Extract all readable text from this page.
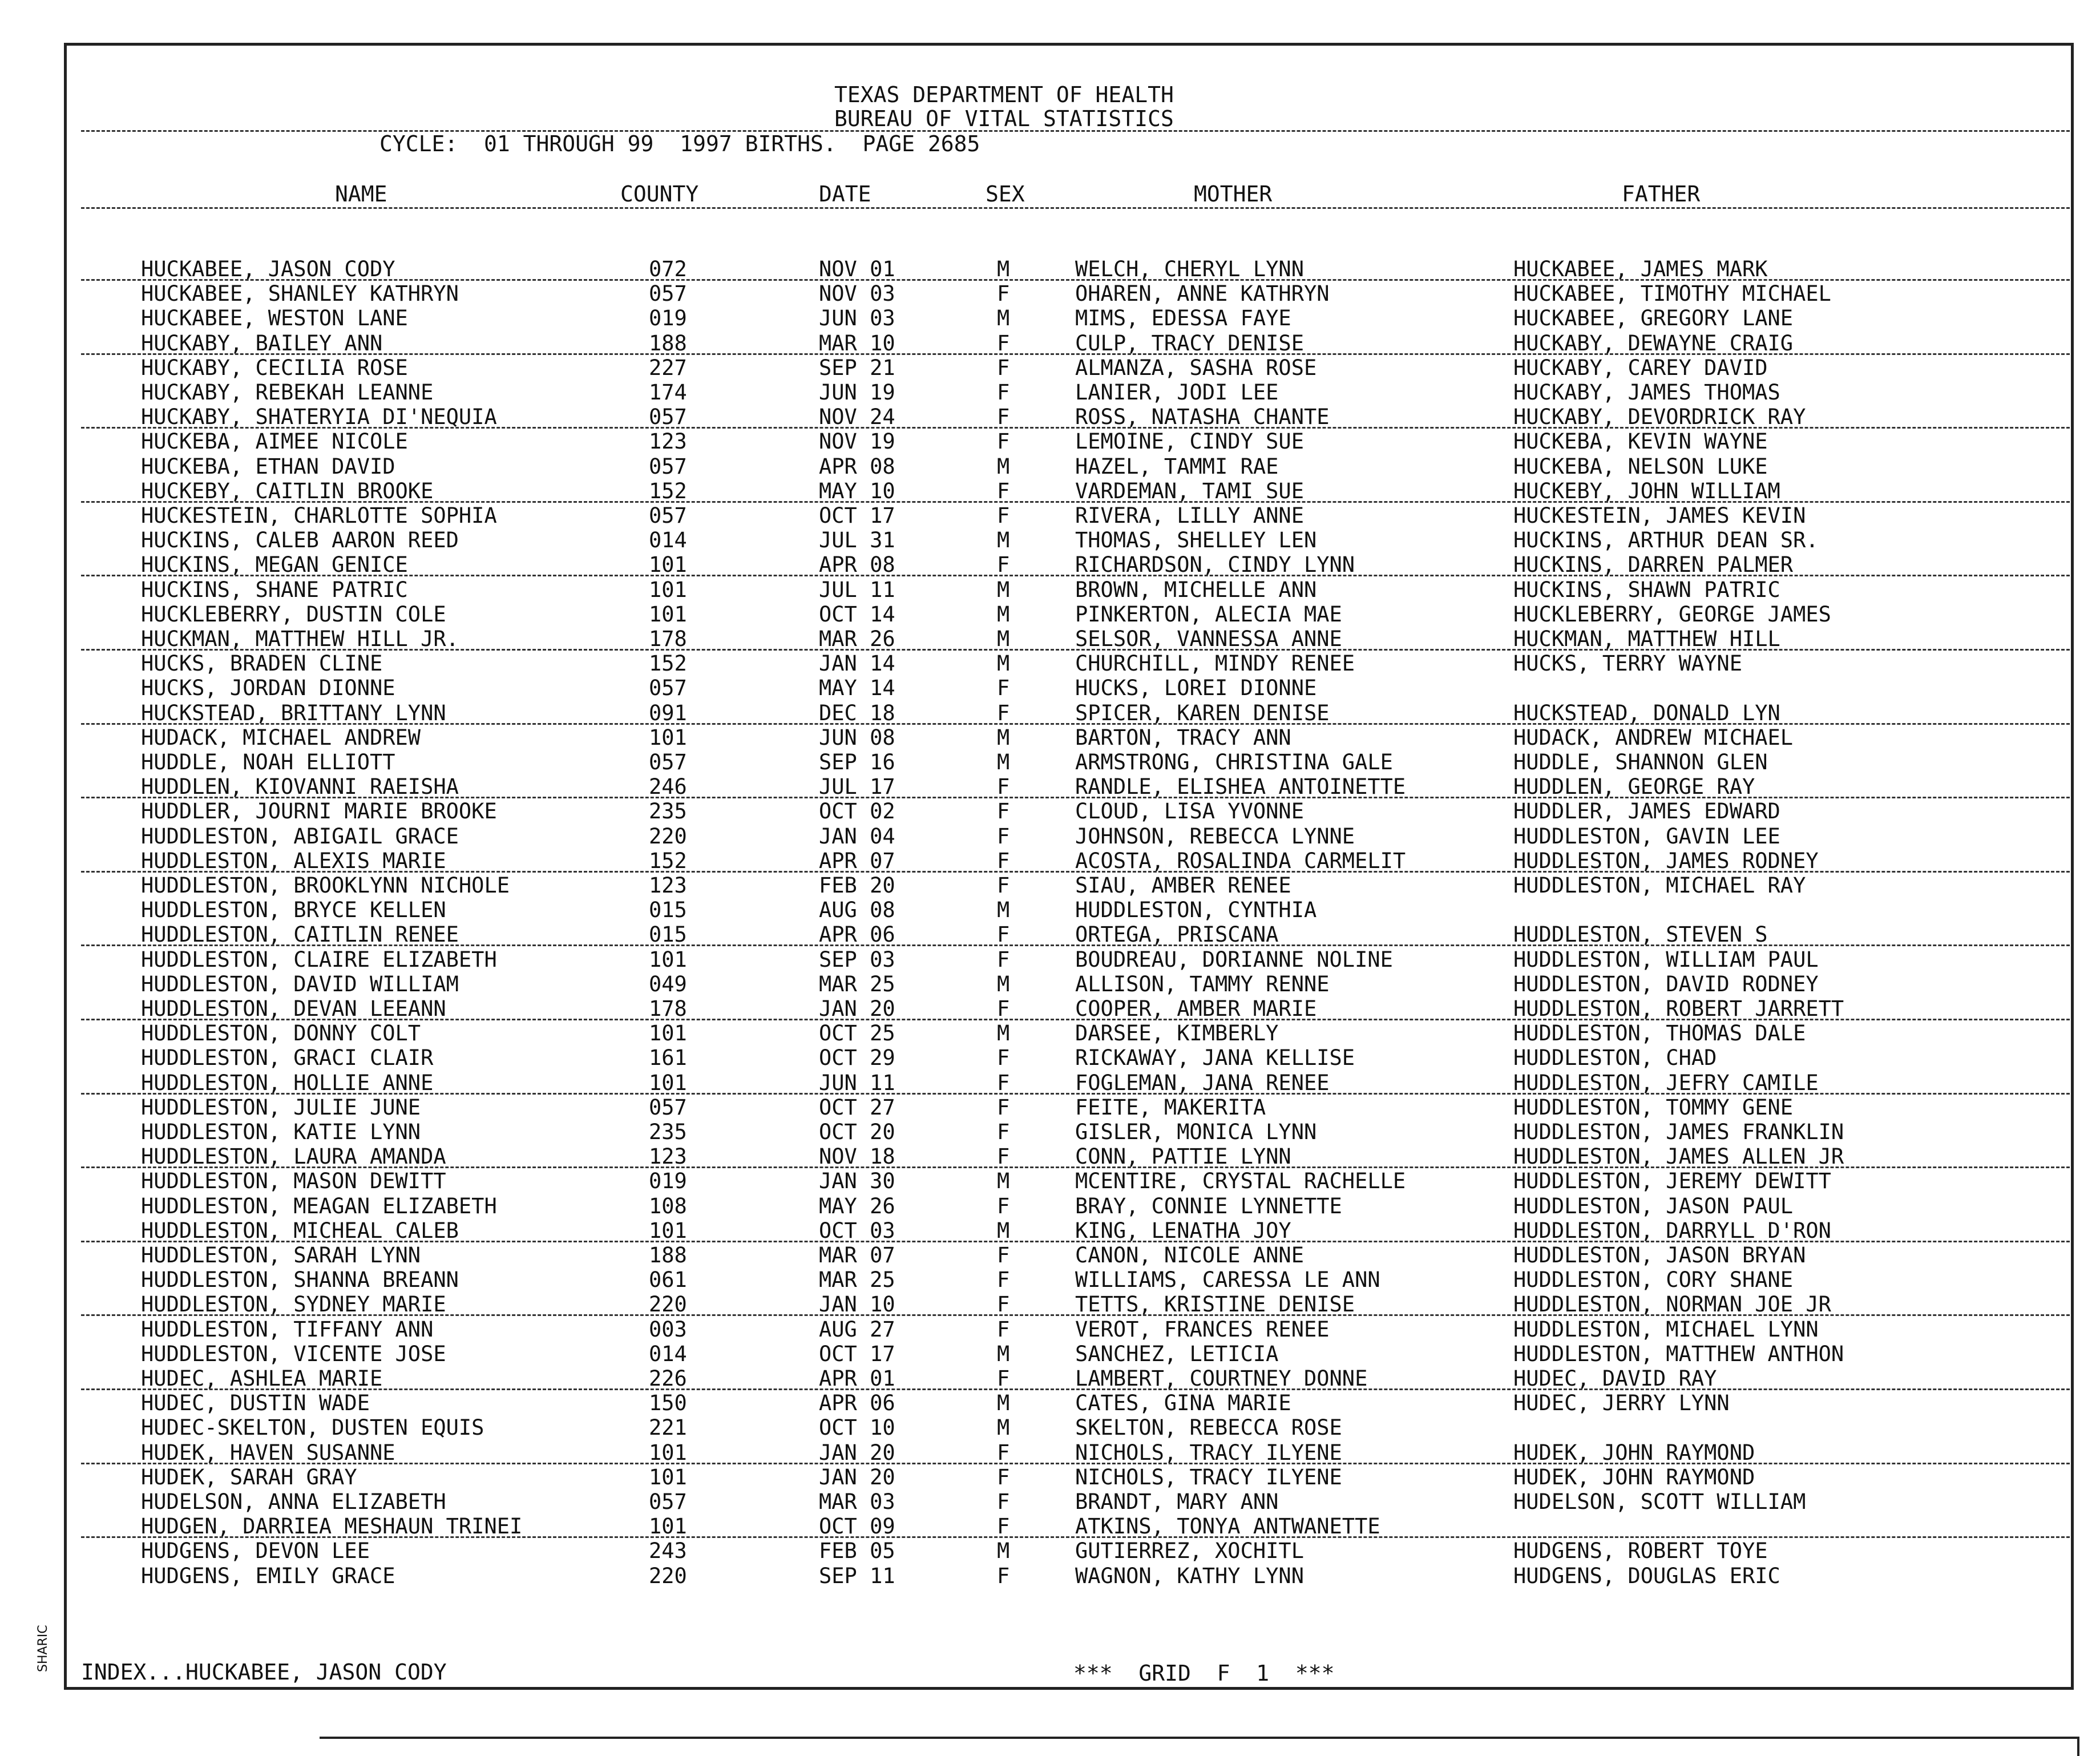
TEXAS DEPARTMENT OF HEALTH
BUREAU OF VITAL STATISTICS
CYCLE:  01 THROUGH 99  1997 BIRTHS.  PAGE 2685
NAME	COUNTY	DATE	SEX	MOTHER	FATHER
HUCKABEE, JASON CODY	072	NOV 01	M	WELCH, CHERYL LYNN	HUCKABEE, JAMES MARK
HUCKABEE, SHANLEY KATHRYN	057	NOV 03	F	OHAREN, ANNE KATHRYN	HUCKABEE, TIMOTHY MICHAEL
HUCKABEE, WESTON LANE	019	JUN 03	M	MIMS, EDESSA FAYE	HUCKABEE, GREGORY LANE
HUCKABY, BAILEY ANN	188	MAR 10	F	CULP, TRACY DENISE	HUCKABY, DEWAYNE CRAIG
HUCKABY, CECILIA ROSE	227	SEP 21	F	ALMANZA, SASHA ROSE	HUCKABY, CAREY DAVID
HUCKABY, REBEKAH LEANNE	174	JUN 19	F	LANIER, JODI LEE	HUCKABY, JAMES THOMAS
HUCKABY, SHATERYIA DI'NEQUIA	057	NOV 24	F	ROSS, NATASHA CHANTE	HUCKABY, DEVORDRICK RAY
HUCKEBA, AIMEE NICOLE	123	NOV 19	F	LEMOINE, CINDY SUE	HUCKEBA, KEVIN WAYNE
HUCKEBA, ETHAN DAVID	057	APR 08	M	HAZEL, TAMMI RAE	HUCKEBA, NELSON LUKE
HUCKEBY, CAITLIN BROOKE	152	MAY 10	F	VARDEMAN, TAMI SUE	HUCKEBY, JOHN WILLIAM
HUCKESTEIN, CHARLOTTE SOPHIA	057	OCT 17	F	RIVERA, LILLY ANNE	HUCKESTEIN, JAMES KEVIN
HUCKINS, CALEB AARON REED	014	JUL 31	M	THOMAS, SHELLEY LEN	HUCKINS, ARTHUR DEAN SR.
HUCKINS, MEGAN GENICE	101	APR 08	F	RICHARDSON, CINDY LYNN	HUCKINS, DARREN PALMER
HUCKINS, SHANE PATRIC	101	JUL 11	M	BROWN, MICHELLE ANN	HUCKINS, SHAWN PATRIC
HUCKLEBERRY, DUSTIN COLE	101	OCT 14	M	PINKERTON, ALECIA MAE	HUCKLEBERRY, GEORGE JAMES
HUCKMAN, MATTHEW HILL JR.	178	MAR 26	M	SELSOR, VANNESSA ANNE	HUCKMAN, MATTHEW HILL
HUCKS, BRADEN CLINE	152	JAN 14	M	CHURCHILL, MINDY RENEE	HUCKS, TERRY WAYNE
HUCKS, JORDAN DIONNE	057	MAY 14	F	HUCKS, LOREI DIONNE
HUCKSTEAD, BRITTANY LYNN	091	DEC 18	F	SPICER, KAREN DENISE	HUCKSTEAD, DONALD LYN
HUDACK, MICHAEL ANDREW	101	JUN 08	M	BARTON, TRACY ANN	HUDACK, ANDREW MICHAEL
HUDDLE, NOAH ELLIOTT	057	SEP 16	M	ARMSTRONG, CHRISTINA GALE	HUDDLE, SHANNON GLEN
HUDDLEN, KIOVANNI RAEISHA	246	JUL 17	F	RANDLE, ELISHEA ANTOINETTE	HUDDLEN, GEORGE RAY
HUDDLER, JOURNI MARIE BROOKE	235	OCT 02	F	CLOUD, LISA YVONNE	HUDDLER, JAMES EDWARD
HUDDLESTON, ABIGAIL GRACE	220	JAN 04	F	JOHNSON, REBECCA LYNNE	HUDDLESTON, GAVIN LEE
HUDDLESTON, ALEXIS MARIE	152	APR 07	F	ACOSTA, ROSALINDA CARMELIT	HUDDLESTON, JAMES RODNEY
HUDDLESTON, BROOKLYNN NICHOLE	123	FEB 20	F	SIAU, AMBER RENEE	HUDDLESTON, MICHAEL RAY
HUDDLESTON, BRYCE KELLEN	015	AUG 08	M	HUDDLESTON, CYNTHIA
HUDDLESTON, CAITLIN RENEE	015	APR 06	F	ORTEGA, PRISCANA	HUDDLESTON, STEVEN S
HUDDLESTON, CLAIRE ELIZABETH	101	SEP 03	F	BOUDREAU, DORIANNE NOLINE	HUDDLESTON, WILLIAM PAUL
HUDDLESTON, DAVID WILLIAM	049	MAR 25	M	ALLISON, TAMMY RENNE	HUDDLESTON, DAVID RODNEY
HUDDLESTON, DEVAN LEEANN	178	JAN 20	F	COOPER, AMBER MARIE	HUDDLESTON, ROBERT JARRETT
HUDDLESTON, DONNY COLT	101	OCT 25	M	DARSEE, KIMBERLY	HUDDLESTON, THOMAS DALE
HUDDLESTON, GRACI CLAIR	161	OCT 29	F	RICKAWAY, JANA KELLISE	HUDDLESTON, CHAD
HUDDLESTON, HOLLIE ANNE	101	JUN 11	F	FOGLEMAN, JANA RENEE	HUDDLESTON, JEFRY CAMILE
HUDDLESTON, JULIE JUNE	057	OCT 27	F	FEITE, MAKERITA	HUDDLESTON, TOMMY GENE
HUDDLESTON, KATIE LYNN	235	OCT 20	F	GISLER, MONICA LYNN	HUDDLESTON, JAMES FRANKLIN
HUDDLESTON, LAURA AMANDA	123	NOV 18	F	CONN, PATTIE LYNN	HUDDLESTON, JAMES ALLEN JR
HUDDLESTON, MASON DEWITT	019	JAN 30	M	MCENTIRE, CRYSTAL RACHELLE	HUDDLESTON, JEREMY DEWITT
HUDDLESTON, MEAGAN ELIZABETH	108	MAY 26	F	BRAY, CONNIE LYNNETTE	HUDDLESTON, JASON PAUL
HUDDLESTON, MICHEAL CALEB	101	OCT 03	M	KING, LENATHA JOY	HUDDLESTON, DARRYLL D'RON
HUDDLESTON, SARAH LYNN	188	MAR 07	F	CANON, NICOLE ANNE	HUDDLESTON, JASON BRYAN
HUDDLESTON, SHANNA BREANN	061	MAR 25	F	WILLIAMS, CARESSA LE ANN	HUDDLESTON, CORY SHANE
HUDDLESTON, SYDNEY MARIE	220	JAN 10	F	TETTS, KRISTINE DENISE	HUDDLESTON, NORMAN JOE JR
HUDDLESTON, TIFFANY ANN	003	AUG 27	F	VEROT, FRANCES RENEE	HUDDLESTON, MICHAEL LYNN
HUDDLESTON, VICENTE JOSE	014	OCT 17	M	SANCHEZ, LETICIA	HUDDLESTON, MATTHEW ANTHON
HUDEC, ASHLEA MARIE	226	APR 01	F	LAMBERT, COURTNEY DONNE	HUDEC, DAVID RAY
HUDEC, DUSTIN WADE	150	APR 06	M	CATES, GINA MARIE	HUDEC, JERRY LYNN
HUDEC-SKELTON, DUSTEN EQUIS	221	OCT 10	M	SKELTON, REBECCA ROSE
HUDEK, HAVEN SUSANNE	101	JAN 20	F	NICHOLS, TRACY ILYENE	HUDEK, JOHN RAYMOND
HUDEK, SARAH GRAY	101	JAN 20	F	NICHOLS, TRACY ILYENE	HUDEK, JOHN RAYMOND
HUDELSON, ANNA ELIZABETH	057	MAR 03	F	BRANDT, MARY ANN	HUDELSON, SCOTT WILLIAM
HUDGEN, DARRIEA MESHAUN TRINEI	101	OCT 09	F	ATKINS, TONYA ANTWANETTE
HUDGENS, DEVON LEE	243	FEB 05	M	GUTIERREZ, XOCHITL	HUDGENS, ROBERT TOYE
HUDGENS, EMILY GRACE	220	SEP 11	F	WAGNON, KATHY LYNN	HUDGENS, DOUGLAS ERIC
INDEX...HUCKABEE, JASON CODY	***  GRID  F  1  ***
SHARIC
